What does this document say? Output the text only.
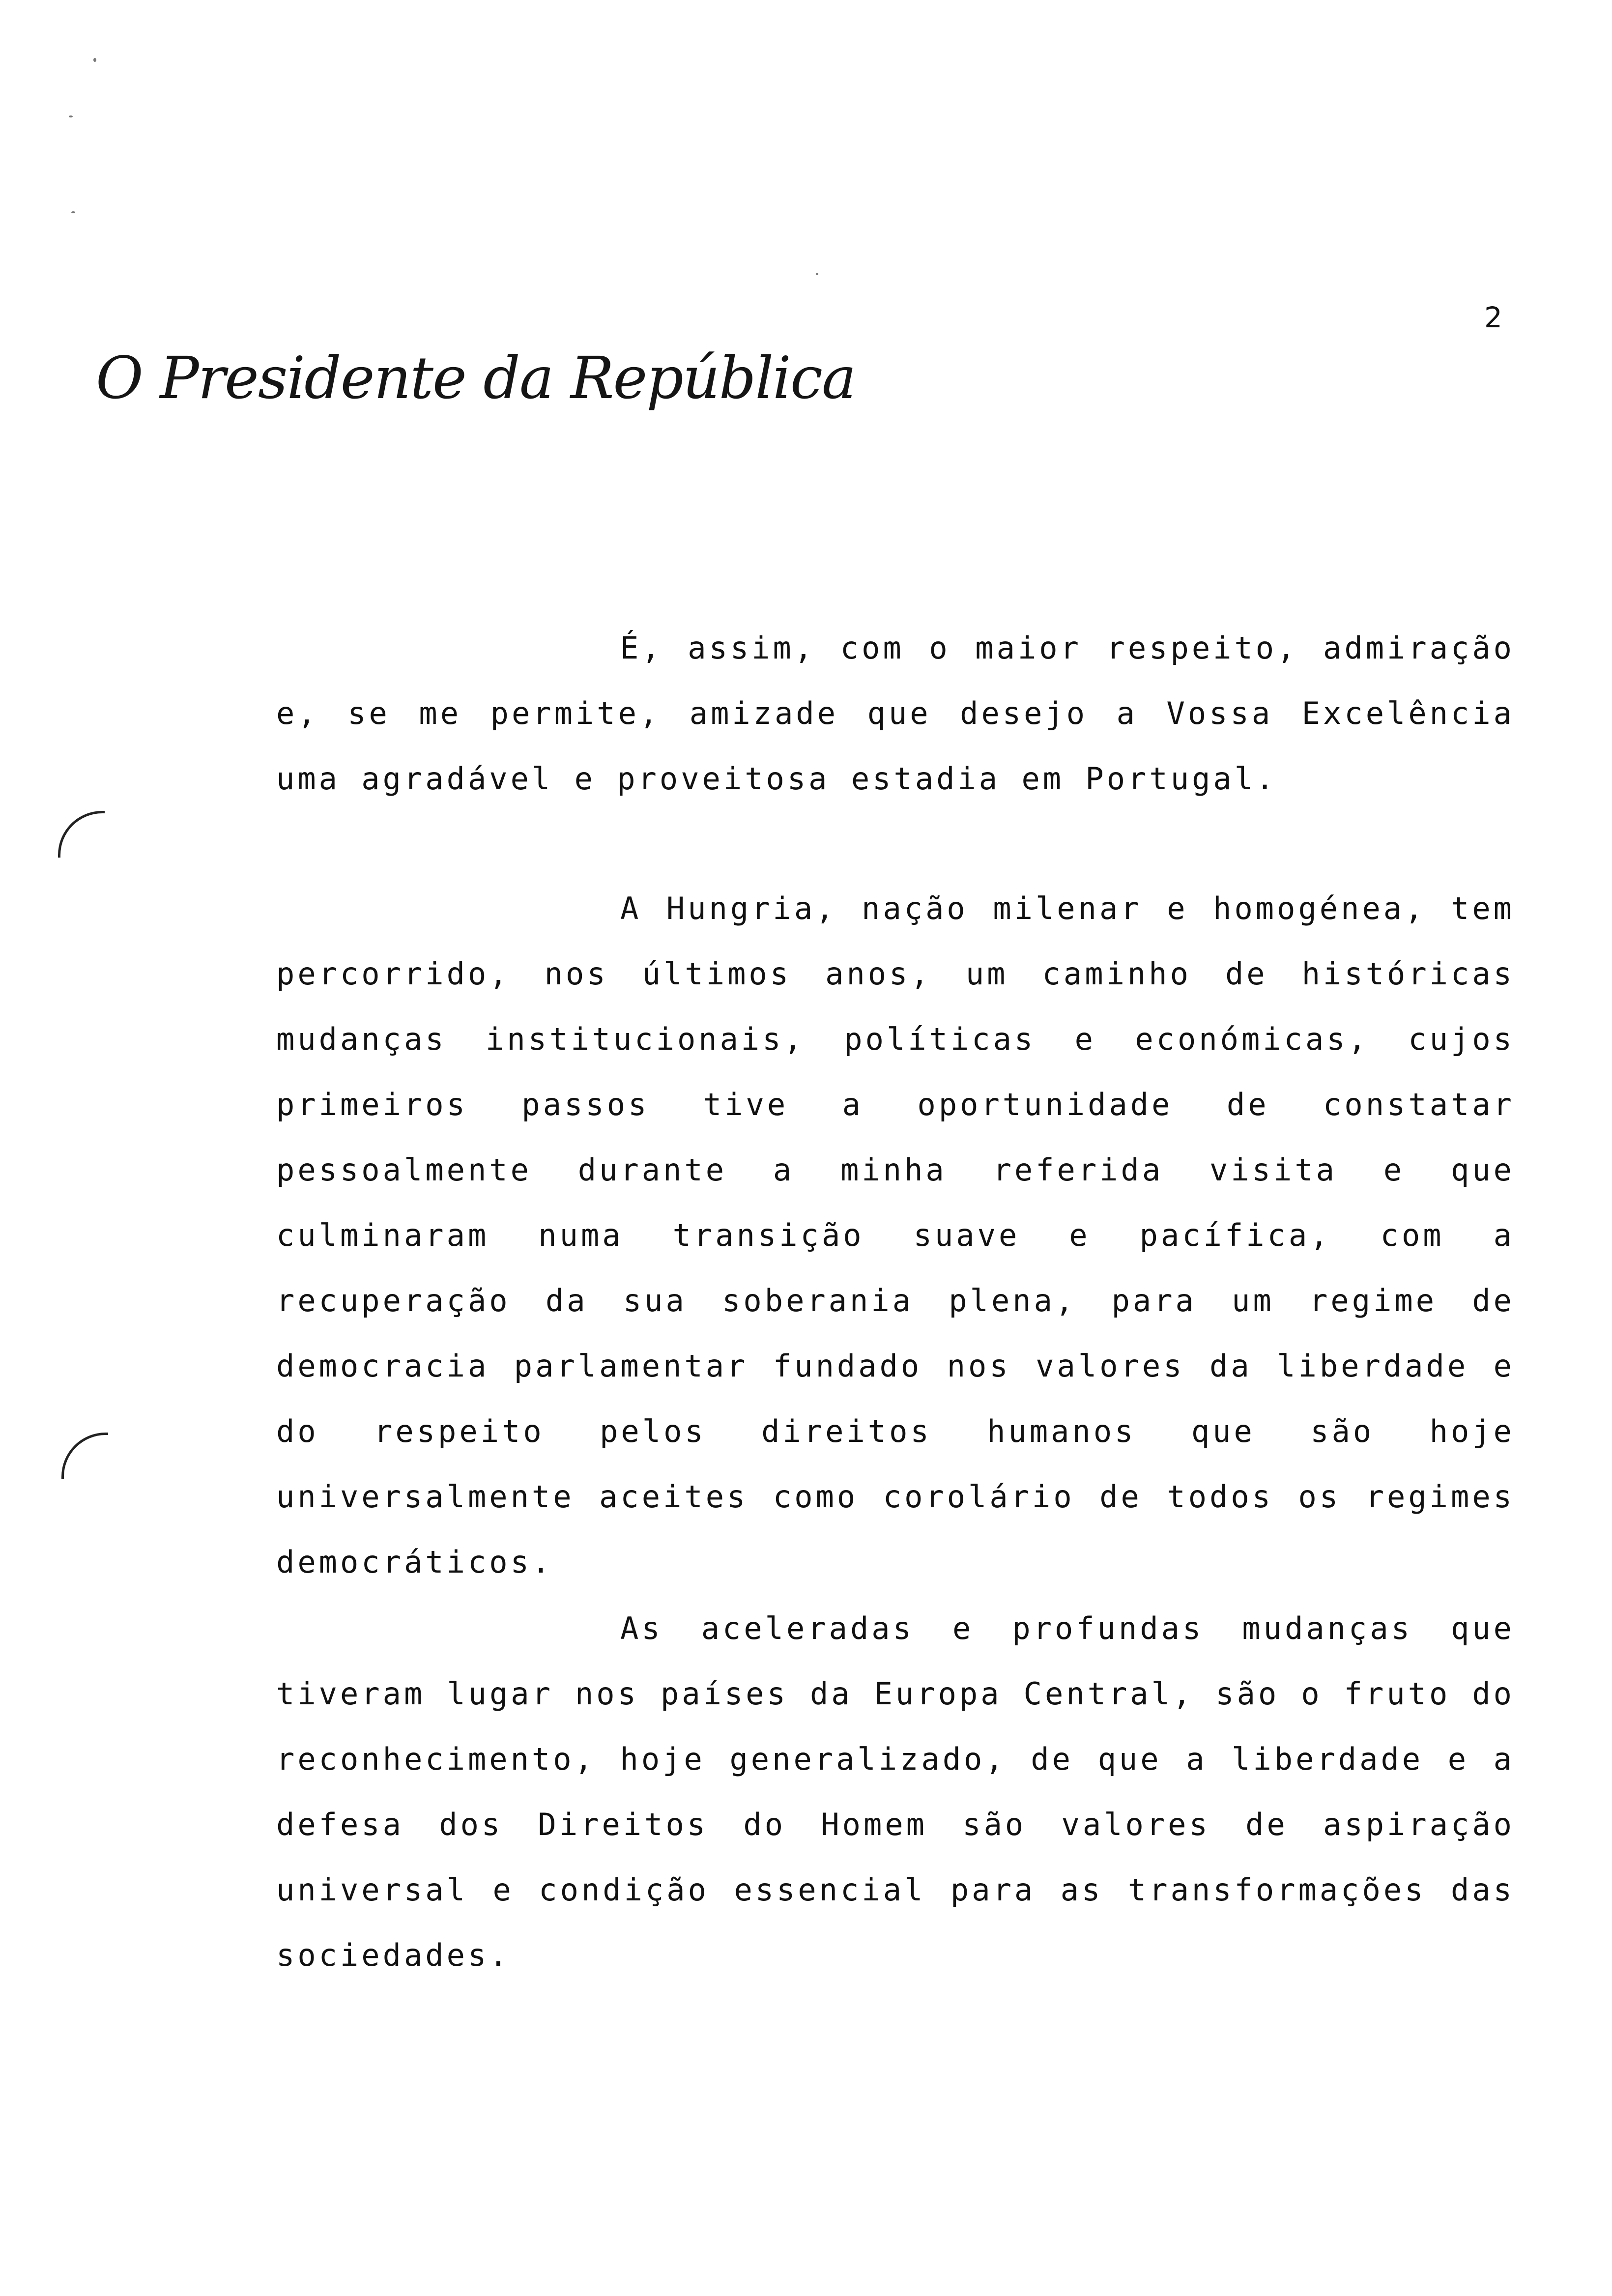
2
O Presidente da República

É, assim, com o maior respeito, admiração e, se me permite, amizade que desejo a Vossa Excelência uma agradável e proveitosa estadia em Portugal.

A Hungria, nação milenar e homogénea, tem percorrido, nos últimos anos, um caminho de históricas mudanças institucionais, políticas e económicas, cujos primeiros passos tive a oportunidade de constatar pessoalmente durante a minha referida visita e que culminaram numa transição suave e pacífica, com a recuperação da sua soberania plena, para um regime de democracia parlamentar fundado nos valores da liberdade e do respeito pelos direitos humanos que são hoje universalmente aceites como corolário de todos os regimes democráticos.

As aceleradas e profundas mudanças que tiveram lugar nos países da Europa Central, são o fruto do reconhecimento, hoje generalizado, de que a liberdade e a defesa dos Direitos do Homem são valores de aspiração universal e condição essencial para as transformações das sociedades.
